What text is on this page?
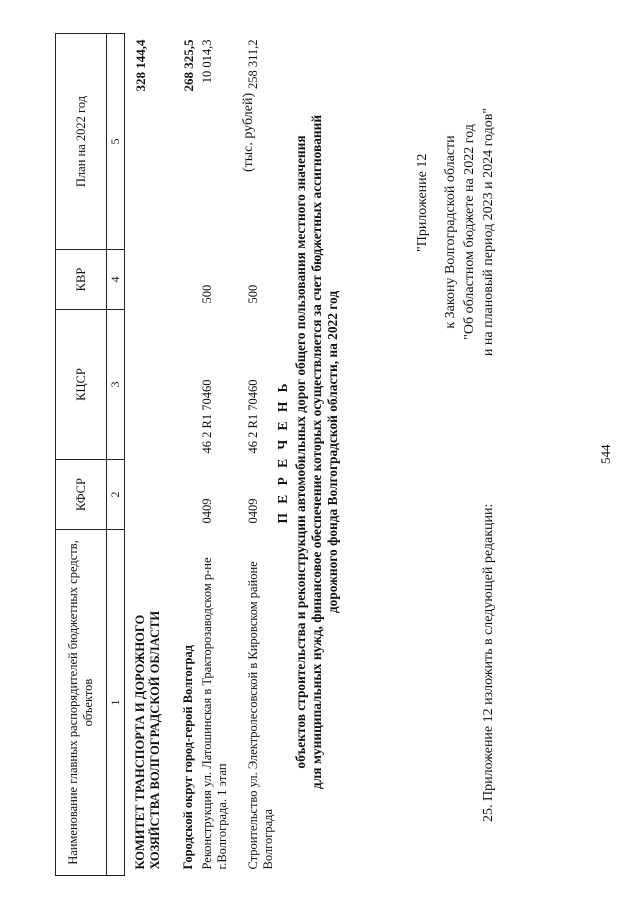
544
25. Приложение 12 изложить в следующей редакции:
"Приложение 12 к Закону Волгоградской области "Об областном бюджете на 2022 год и на плановый период 2023 и 2024 годов"
П Е Р Е Ч Е Н Ь объектов строительства и реконструкции автомобильных дорог общего пользования местного значения для муниципальных нужд, финансовое обеспечение которых осуществляется за счет бюджетных ассигнований дорожного фонда Волгоградской области, на 2022 год
(тыс. рублей)
Наименование главных распорядителей бюджетных средств, объектов	КФСР	КЦСР	КВР	План на 2022 год
1	2	3	4	5

КОМИТЕТ ТРАНСПОРТА И ДОРОЖНОГО ХОЗЯЙСТВА ВОЛГОГРАДСКОЙ ОБЛАСТИ				328 144,4

Городской округ город-герой Волгоград				268 325,5
Реконструкция ул. Латошинская в Тракторозаводском р-не г.Волгограда. 1 этап	0409	46 2 R1 70460	500	10 014,3

Строительство ул. Электролесовской в Кировском районе Волгограда	0409	46 2 R1 70460	500	258 311,2
